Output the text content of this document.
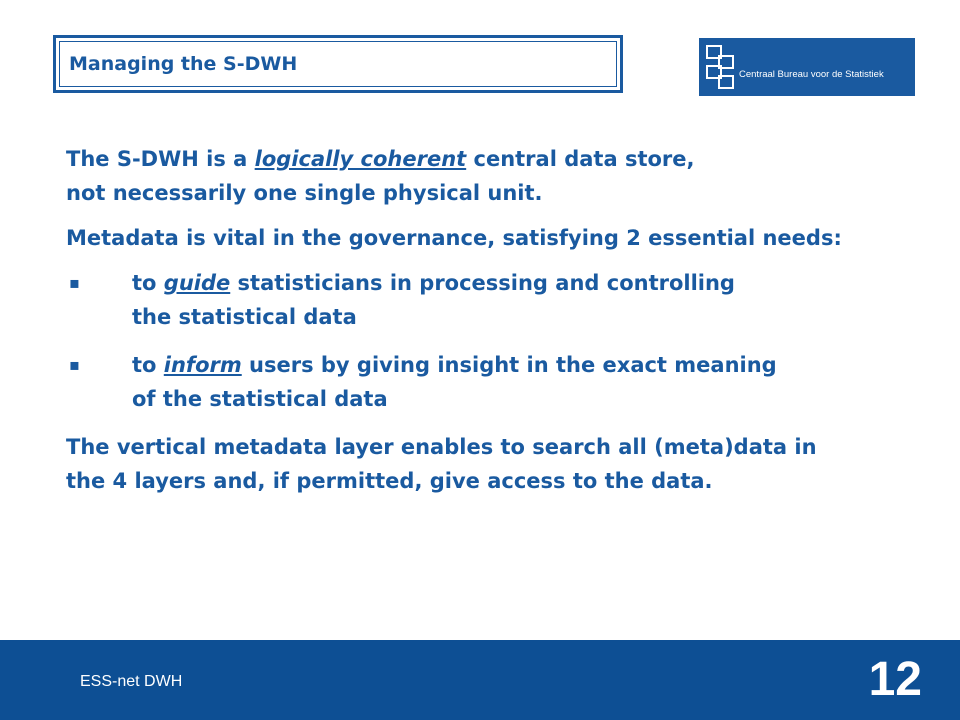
Managing the S-DWH	Centraal Bureau voor de Statistiek
The S-DWH is a logically coherent central data store,
not necessarily one single physical unit.
Metadata is vital in the governance, satisfying 2 essential needs:
▪	to guide statisticians in processing and controlling
the statistical data
▪	to inform users by giving insight in the exact meaning
of the statistical data
The vertical metadata layer enables to search all (meta)data in
the 4 layers and, if permitted, give access to the data.
ESS-net DWH	12
